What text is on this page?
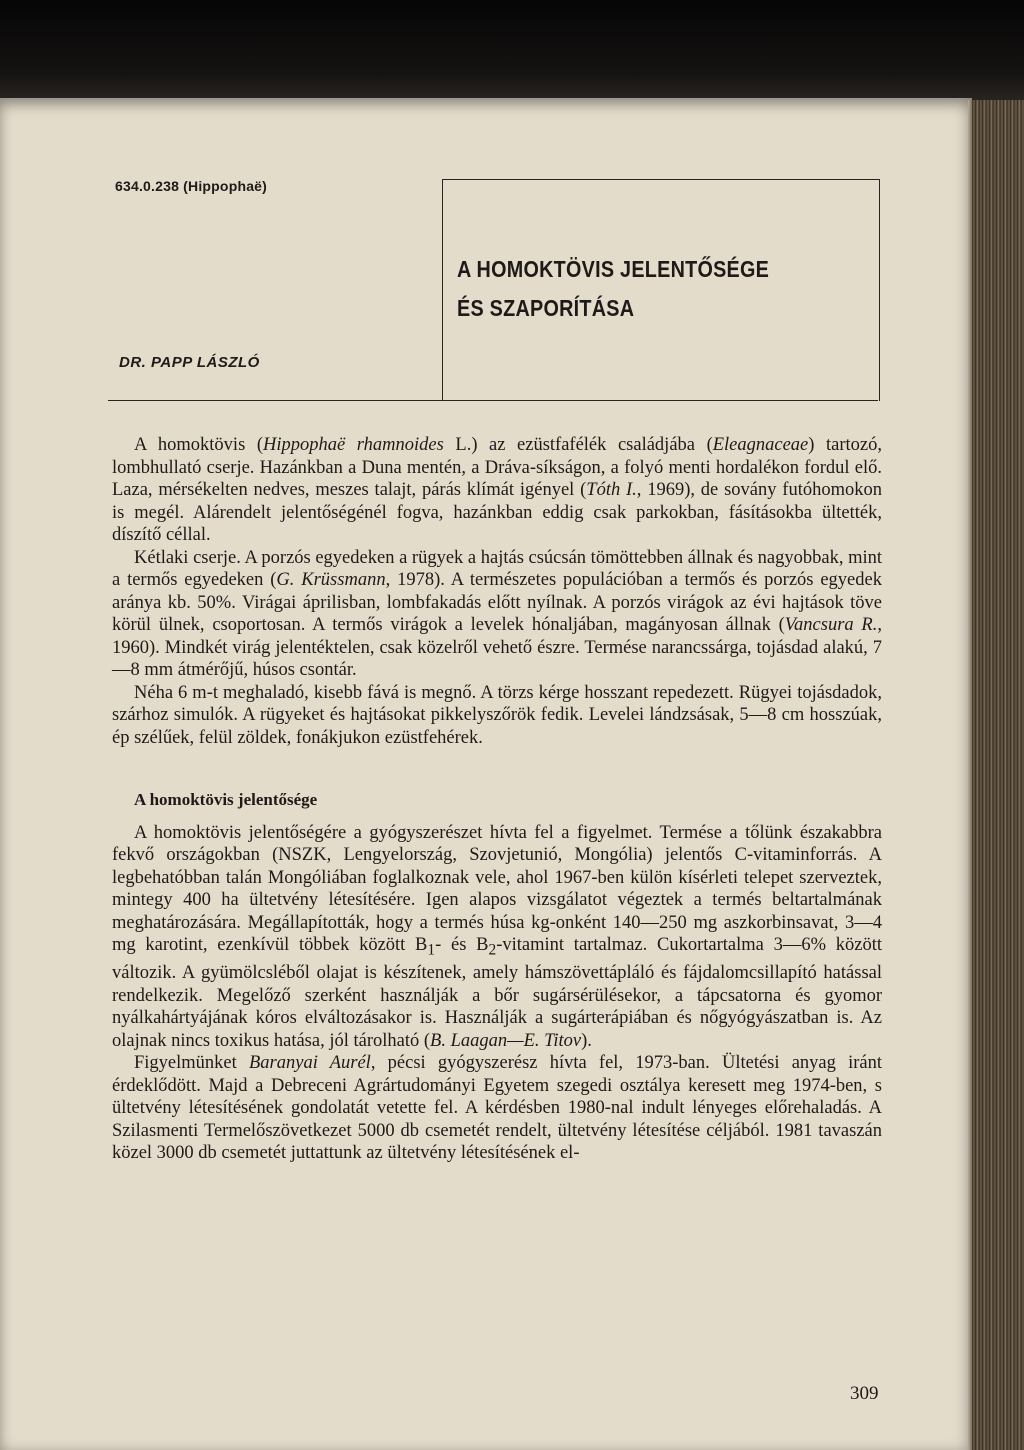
634.0.238 (Hippophaë)
A HOMOKTÖVIS JELENTŐSÉGE
ÉS SZAPORÍTÁSA
DR. PAPP LÁSZLÓ

A homoktövis (Hippophaë rhamnoides L.) az ezüstfafélék családjába (Eleagnaceae) tartozó, lombhullató cserje. Hazánkban a Duna mentén, a Dráva-síkságon, a folyó menti hordalékon fordul elő. Laza, mérsékelten nedves, meszes talajt, párás klímát igényel (Tóth I., 1969), de sovány futóhomokon is megél. Alárendelt jelentőségénél fogva, hazánkban eddig csak parkokban, fásításokba ültették, díszítő céllal.

Kétlaki cserje. A porzós egyedeken a rügyek a hajtás csúcsán tömöttebben állnak és nagyobbak, mint a termős egyedeken (G. Krüssmann, 1978). A természetes populációban a termős és porzós egyedek aránya kb. 50%. Virágai áprilisban, lombfakadás előtt nyílnak. A porzós virágok az évi hajtások töve körül ülnek, csoportosan. A termős virágok a levelek hónaljában, magányosan állnak (Vancsura R., 1960). Mindkét virág jelentéktelen, csak közelről vehető észre. Termése narancssárga, tojásdad alakú, 7—8 mm átmérőjű, húsos csontár.

Néha 6 m-t meghaladó, kisebb fává is megnő. A törzs kérge hosszant repedezett. Rügyei tojásdadok, szárhoz simulók. A rügyeket és hajtásokat pikkelyszőrök fedik. Levelei lándzsásak, 5—8 cm hosszúak, ép szélűek, felül zöldek, fonákjukon ezüstfehérek.

A homoktövis jelentősége

A homoktövis jelentőségére a gyógyszerészet hívta fel a figyelmet. Termése a tőlünk északabbra fekvő országokban (NSZK, Lengyelország, Szovjetunió, Mongólia) jelentős C-vitaminforrás. A legbehatóbban talán Mongóliában foglalkoznak vele, ahol 1967-ben külön kísérleti telepet szerveztek, mintegy 400 ha ültetvény létesítésére. Igen alapos vizsgálatot végeztek a termés beltartalmának meghatározására. Megállapították, hogy a termés húsa kg-onként 140—250 mg aszkorbinsavat, 3—4 mg karotint, ezenkívül többek között $B_1-$ és $B_2$-vitamint tartalmaz. Cukortartalma 3—6% között változik. A gyümölcsléből olajat is készítenek, amely hámszövettápláló és fájdalomcsillapító hatással rendelkezik. Megelőző szerként használják a bőr sugársérülésekor, a tápcsatorna és gyomor nyálkahártyájának kóros elváltozásakor is. Használják a sugárterápiában és nőgyógyászatban is. Az olajnak nincs toxikus hatása, jól tárolható (B. Laagan—E. Titov).

Figyelmünket Baranyai Aurél, pécsi gyógyszerész hívta fel, 1973-ban. Ültetési anyag iránt érdeklődött. Majd a Debreceni Agrártudományi Egyetem szegedi osztálya keresett meg 1974-ben, s ültetvény létesítésének gondolatát vetette fel. A kérdésben 1980-nal indult lényeges előrehaladás. A Szilasmenti Termelőszövetkezet 5000 db csemetét rendelt, ültetvény létesítése céljából. 1981 tavaszán közel 3000 db csemetét juttattunk az ültetvény létesítésének el-

309
